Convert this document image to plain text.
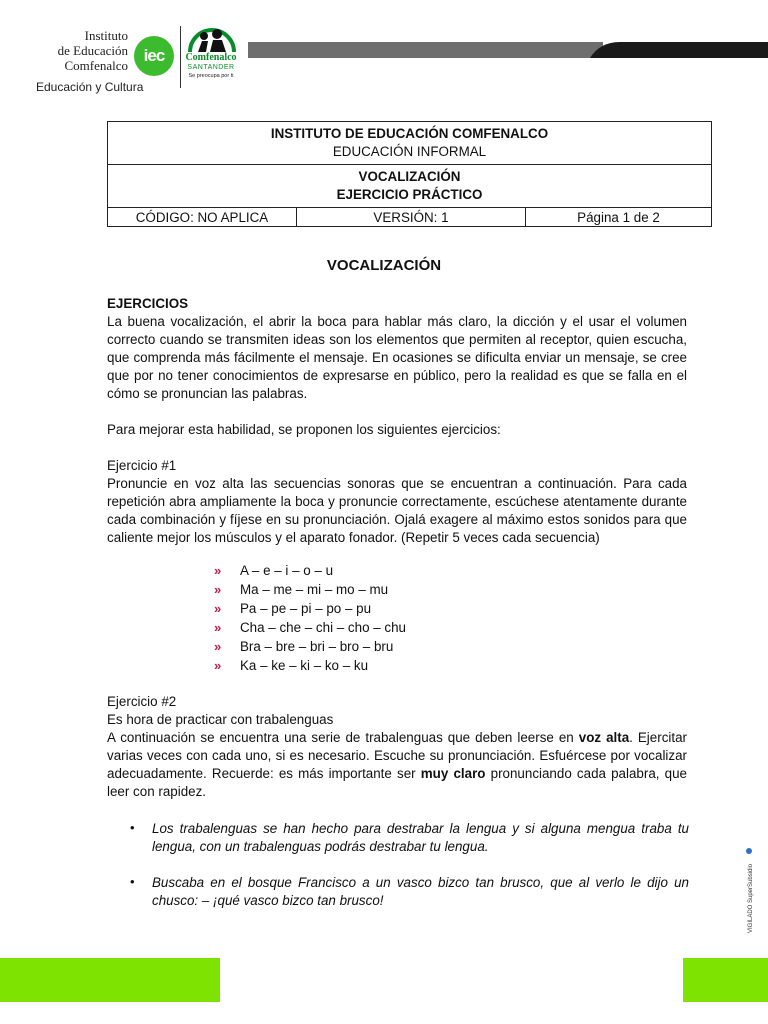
Instituto
de Educación
Comfenalco
iec	Comfenalco
SANTANDER
Se preocupa por ti
Educación y Cultura
INSTITUTO DE EDUCACIÓN COMFENALCO
EDUCACIÓN INFORMAL

VOCALIZACIÓN
EJERCICIO PRÁCTICO

CÓDIGO: NO APLICA	VERSIÓN: 1	Página 1 de 2
VOCALIZACIÓN
EJERCICIOS
La buena vocalización, el abrir la boca para hablar más claro, la dicción y el usar el volumen correcto cuando se transmiten ideas son los elementos que permiten al receptor, quien escucha, que comprenda más fácilmente el mensaje. En ocasiones se dificulta enviar un mensaje, se cree que por no tener conocimientos de expresarse en público, pero la realidad es que se falla en el cómo se pronuncian las palabras.
Para mejorar esta habilidad, se proponen los siguientes ejercicios:
Ejercicio #1
Pronuncie en voz alta las secuencias sonoras que se encuentran a continuación. Para cada repetición abra ampliamente la boca y pronuncie correctamente, escúchese atentamente durante cada combinación y fíjese en su pronunciación. Ojalá exagere al máximo estos sonidos para que caliente mejor los músculos y el aparato fonador. (Repetir 5 veces cada secuencia)
»	A – e – i – o – u
»	Ma – me – mi – mo – mu
»	Pa – pe – pi – po – pu
»	Cha – che – chi – cho – chu
»	Bra – bre – bri – bro – bru
»	Ka – ke – ki – ko – ku
Ejercicio #2
Es hora de practicar con trabalenguas
A continuación se encuentra una serie de trabalenguas que deben leerse en voz alta. Ejercitar varias veces con cada uno, si es necesario. Escuche su pronunciación. Esfuércese por vocalizar adecuadamente. Recuerde: es más importante ser muy claro pronunciando cada palabra, que leer con rapidez.
•	Los trabalenguas se han hecho para destrabar la lengua y si alguna mengua traba tu lengua, con un trabalenguas podrás destrabar tu lengua.
•	Buscaba en el bosque Francisco a un vasco bizco tan brusco, que al verlo le dijo un chusco: – ¡qué vasco bizco tan brusco!	VIGILADO SuperSubsidio
